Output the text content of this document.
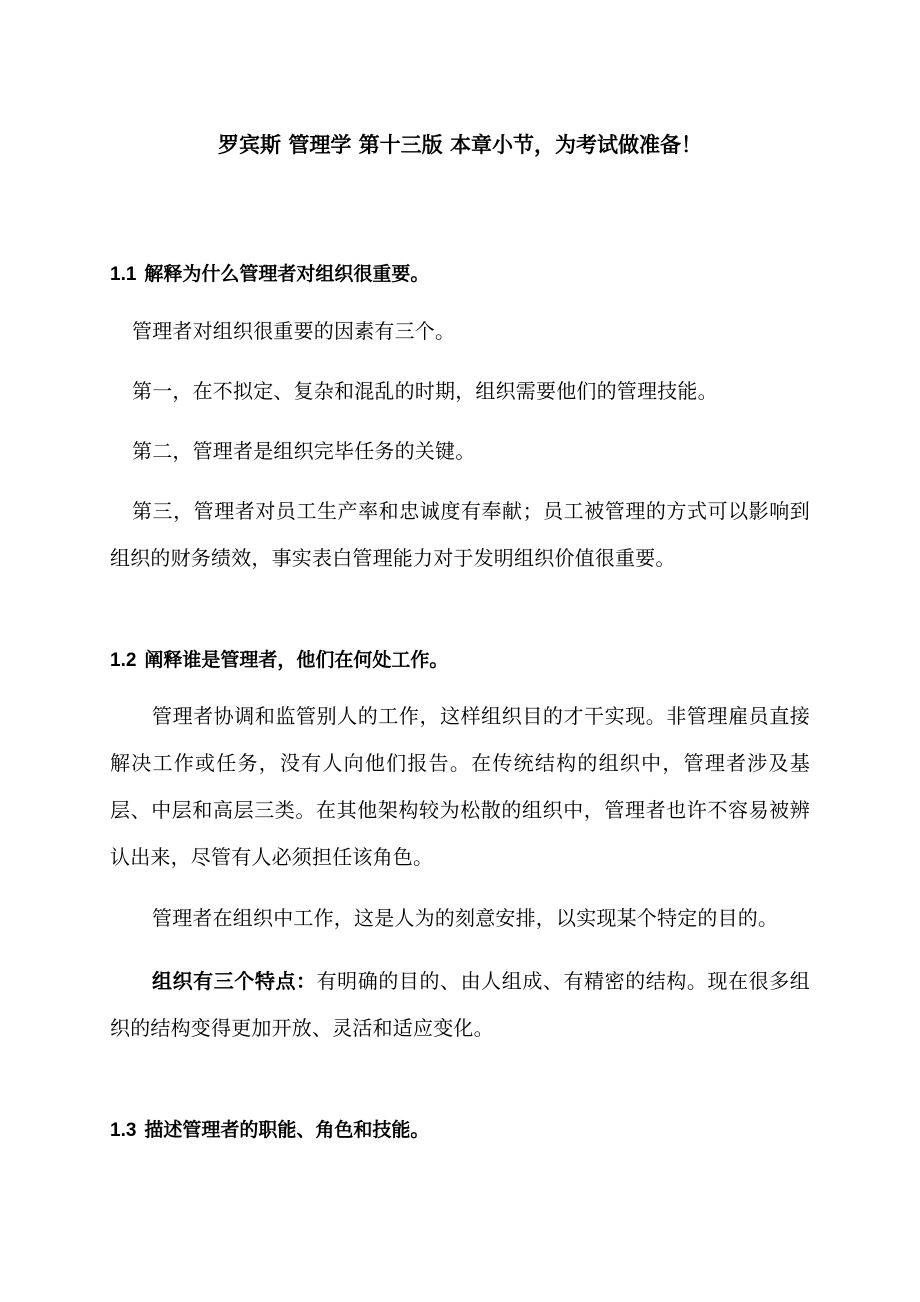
罗宾斯 管理学 第十三版 本章小节，为考试做准备！
1.1 解释为什么管理者对组织很重要。

管理者对组织很重要的因素有三个。

第一，在不拟定、复杂和混乱的时期，组织需要他们的管理技能。

第二，管理者是组织完毕任务的关键。

第三，管理者对员工生产率和忠诚度有奉献；员工被管理的方式可以影响到组织的财务绩效，事实表白管理能力对于发明组织价值很重要。

1.2 阐释谁是管理者，他们在何处工作。

管理者协调和监管别人的工作，这样组织目的才干实现。非管理雇员直接解决工作或任务，没有人向他们报告。在传统结构的组织中，管理者涉及基层、中层和高层三类。在其他架构较为松散的组织中，管理者也许不容易被辨认出来，尽管有人必须担任该角色。

管理者在组织中工作，这是人为的刻意安排，以实现某个特定的目的。

组织有三个特点：有明确的目的、由人组成、有精密的结构。现在很多组织的结构变得更加开放、灵活和适应变化。

1.3 描述管理者的职能、角色和技能。
